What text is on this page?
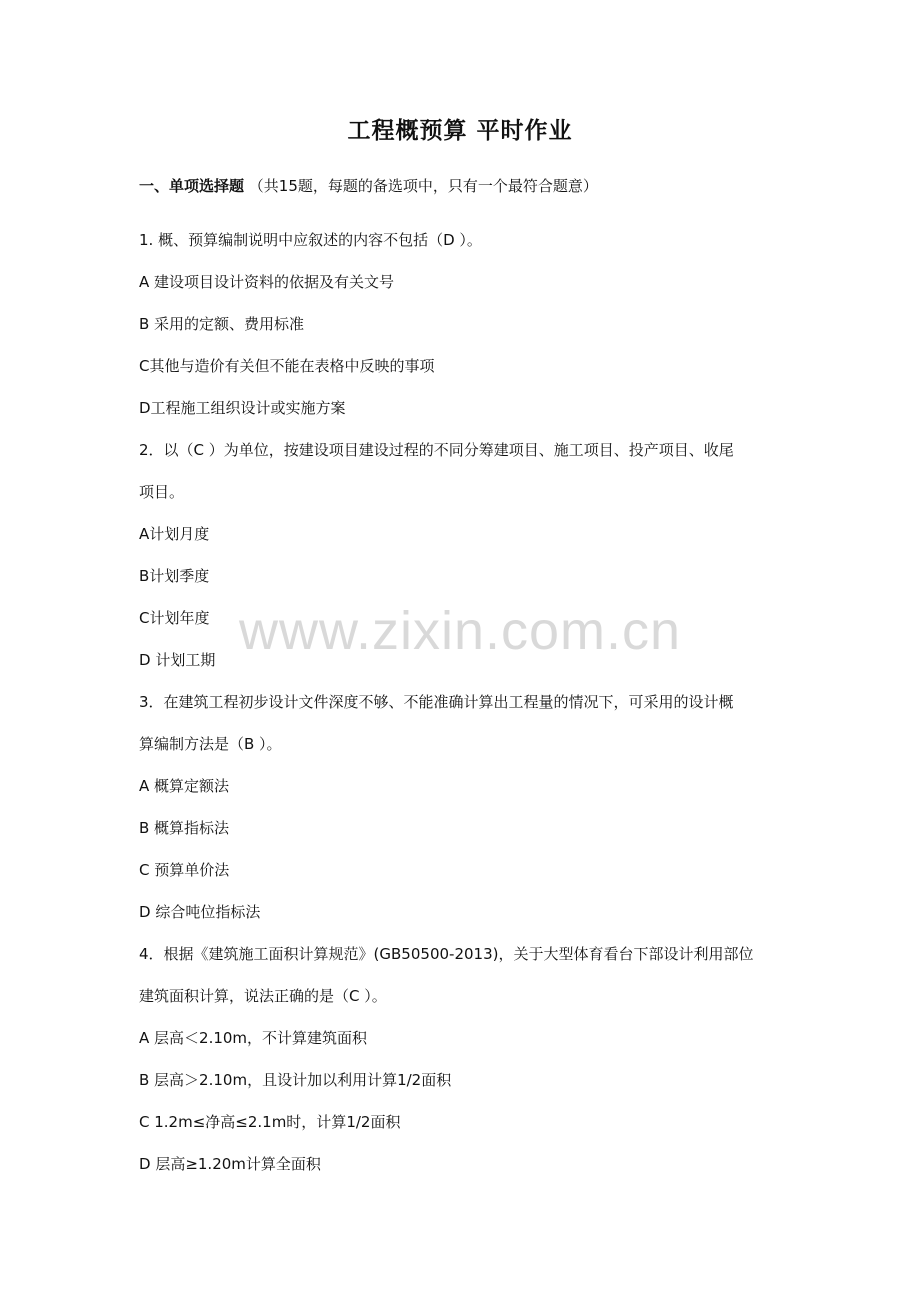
工程概预算 平时作业
一、单项选择题 （共15题，每题的备选项中，只有一个最符合题意）
1. 概、预算编制说明中应叙述的内容不包括（D ）。
A 建设项目设计资料的依据及有关文号
B 采用的定额、费用标准
C其他与造价有关但不能在表格中反映的事项
D工程施工组织设计或实施方案
2．以（C ）为单位，按建设项目建设过程的不同分筹建项目、施工项目、投产项目、收尾
项目。
A计划月度
B计划季度
C计划年度
D 计划工期
3．在建筑工程初步设计文件深度不够、不能准确计算出工程量的情况下，可采用的设计概
算编制方法是（B ）。
A 概算定额法
B 概算指标法
C 预算单价法
D 综合吨位指标法
4．根据《建筑施工面积计算规范》(GB50500-2013)，关于大型体育看台下部设计利用部位
建筑面积计算，说法正确的是（C ）。
A 层高＜2.10m，不计算建筑面积
B 层高＞2.10m，且设计加以利用计算1/2面积
C 1.2m≤净高≤2.1m时，计算1/2面积
D 层高≥1.20m计算全面积
www.zixin.com.cn
